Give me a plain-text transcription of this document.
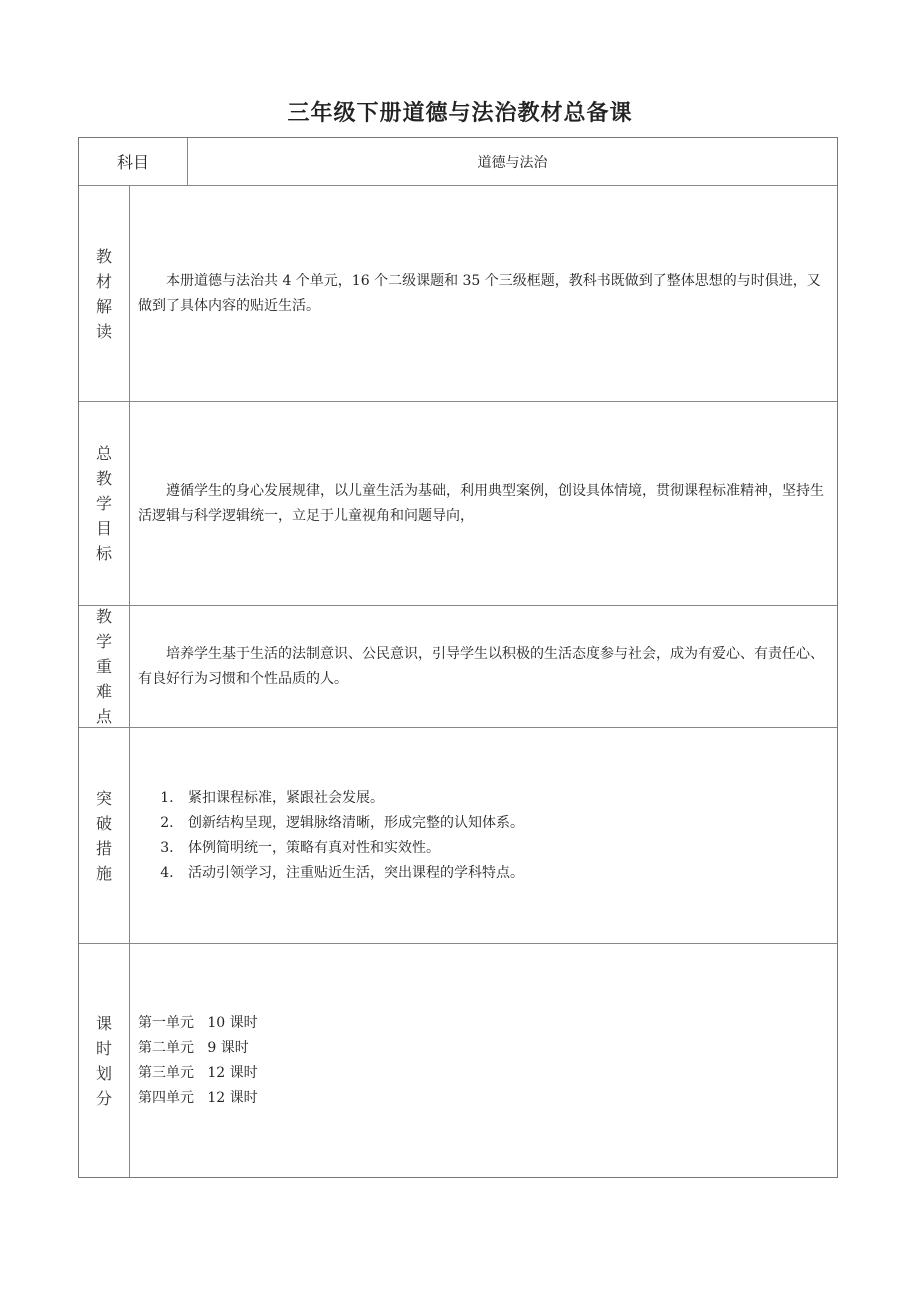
三年级下册道德与法治教材总备课
科目	道德与法治
教材解读
本册道德与法治共 4 个单元，16 个二级课题和 35 个三级框题，教科书既做到了整体思想的与时俱进，又做到了具体内容的贴近生活。
总教学目标
遵循学生的身心发展规律，以儿童生活为基础，利用典型案例，创设具体情境，贯彻课程标准精神，坚持生活逻辑与科学逻辑统一，立足于儿童视角和问题导向，
教学重难点
培养学生基于生活的法制意识、公民意识，引导学生以积极的生活态度参与社会，成为有爱心、有责任心、有良好行为习惯和个性品质的人。
突破措施
1. 紧扣课程标准，紧跟社会发展。
2. 创新结构呈现，逻辑脉络清晰，形成完整的认知体系。
3. 体例简明统一，策略有真对性和实效性。
4. 活动引领学习，注重贴近生活，突出课程的学科特点。
课时划分
第一单元   10 课时
第二单元   9 课时
第三单元   12 课时
第四单元   12 课时
